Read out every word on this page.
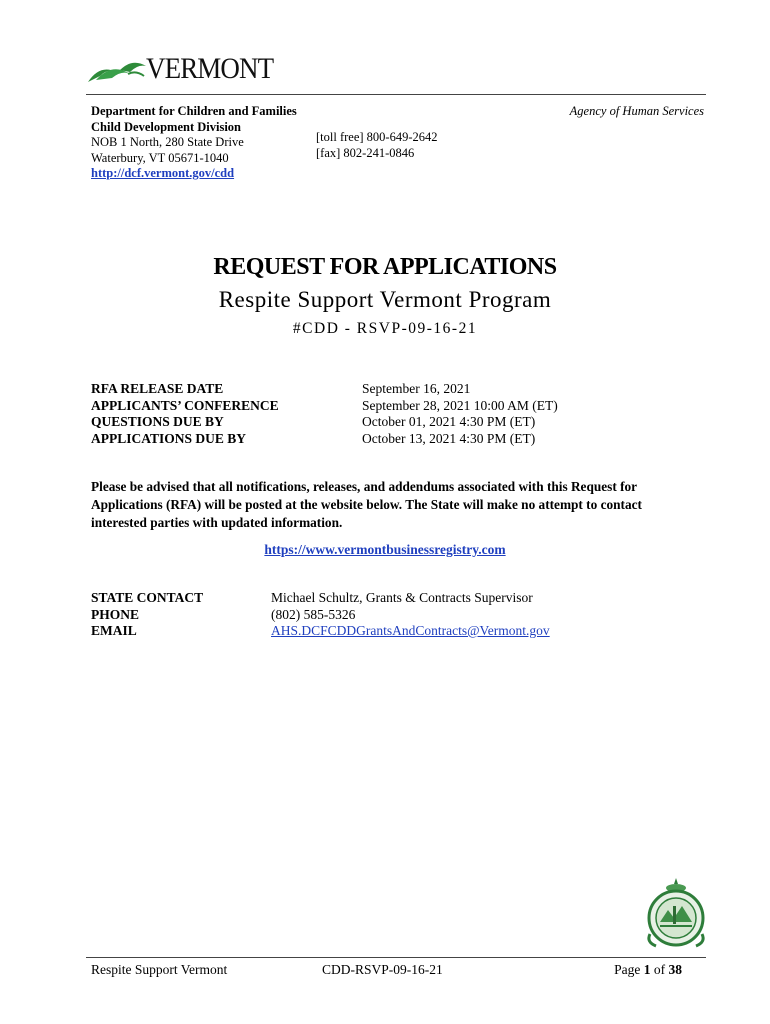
VERMONT
Agency of Human Services
Department for Children and Families
Child Development Division
NOB 1 North, 280 State Drive
Waterbury, VT 05671-1040
http://dcf.vermont.gov/cdd
[toll free] 800-649-2642
[fax] 802-241-0846
REQUEST FOR APPLICATIONS
Respite Support Vermont Program
#CDD - RSVP-09-16-21
RFA RELEASE DATE
APPLICANTS’ CONFERENCE
QUESTIONS DUE BY
APPLICATIONS DUE BY
September 16, 2021
September 28, 2021 10:00 AM (ET)
October 01, 2021 4:30 PM (ET)
October 13, 2021 4:30 PM (ET)
Please be advised that all notifications, releases, and addendums associated with this Request for Applications (RFA) will be posted at the website below. The State will make no attempt to contact interested parties with updated information.
https://www.vermontbusinessregistry.com
STATE CONTACT
PHONE
EMAIL
Michael Schultz, Grants & Contracts Supervisor
(802) 585-5326
AHS.DCFCDDGrantsAndContracts@Vermont.gov
Respite Support Vermont	CDD-RSVP-09-16-21	Page 1 of 38
